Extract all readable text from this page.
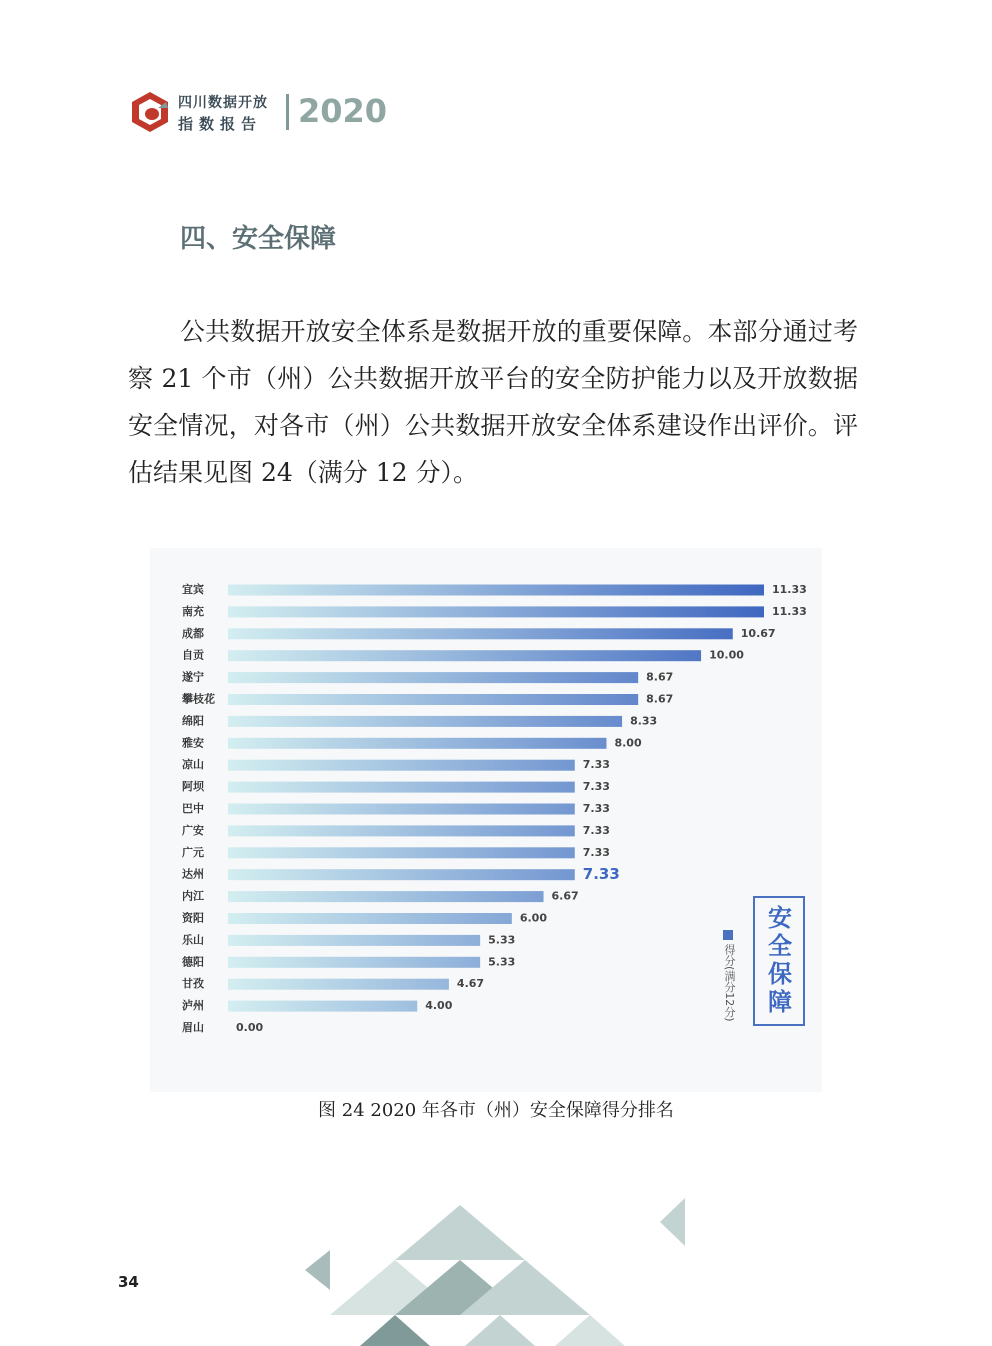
四川数据开放
指数报告 2020
四、安全保障

公共数据开放安全体系是数据开放的重要保障。本部分通过考察 21 个市（州）公共数据开放平台的安全防护能力以及开放数据安全情况，对各市（州）公共数据开放安全体系建设作出评价。评估结果见图 24（满分 12 分）。

宜宾	11.33
南充	11.33
成都	10.67
自贡	10.00
遂宁	8.67
攀枝花	8.67
绵阳	8.33
雅安	8.00
凉山	7.33
阿坝	7.33
巴中	7.33
广安	7.33
广元	7.33
达州	7.33
内江	6.67
资阳	6.00
乐山	5.33
德阳	5.33
甘孜	4.67
泸州	4.00
眉山	0.00
得分(满分12分)
安全保障
图 24 2020 年各市（州）安全保障得分排名
34
